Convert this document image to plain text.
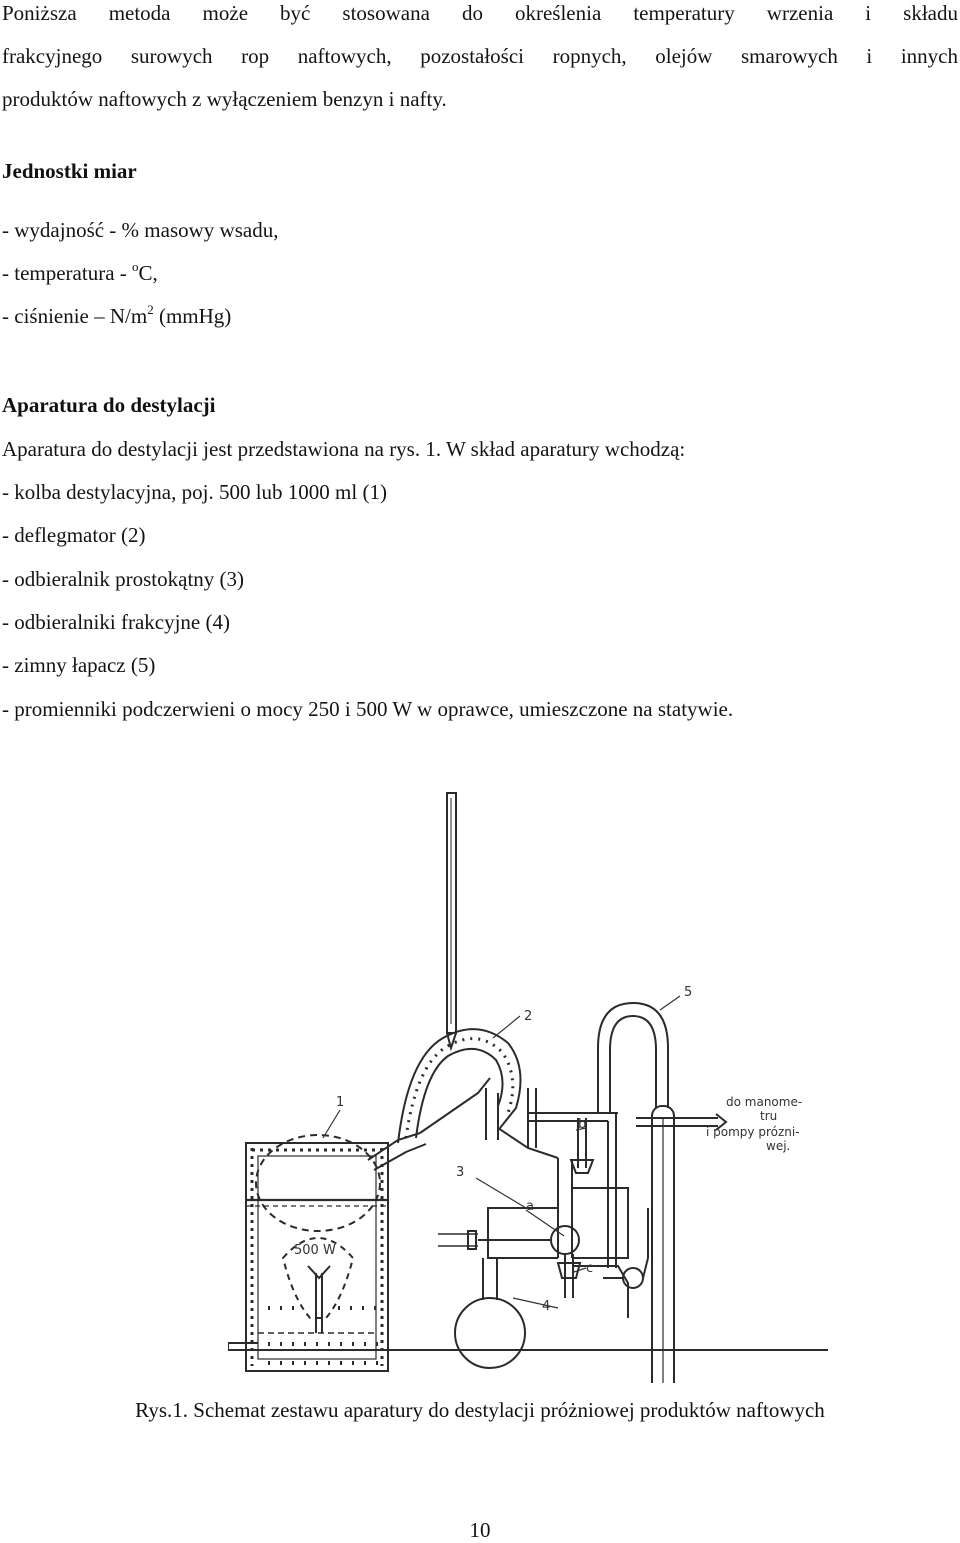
Poniższa metoda może być stosowana do określenia temperatury wrzenia i składu
frakcyjnego surowych rop naftowych, pozostałości ropnych, olejów smarowych i innych
produktów naftowych z wyłączeniem benzyn i nafty.
Jednostki miar
- wydajność - % masowy wsadu,
- temperatura - $^o$C,
- ciśnienie – $N/m^2$ (mmHg)
Aparatura do destylacji
Aparatura do destylacji jest przedstawiona na rys. 1. W skład aparatury wchodzą:
- kolba destylacyjna, poj. 500 lub 1000 ml (1)
- deflegmator (2)
- odbieralnik prostokątny (3)
- odbieralniki frakcyjne (4)
- zimny łapacz (5)
- promienniki podczerwieni o mocy 250 i 500 W w oprawce, umieszczone na statywie.
1
2
3
4
5
a
b
c
500 W
do manome-
tru
i pompy prózni-
wej.
Rys.1. Schemat zestawu aparatury do destylacji próżniowej produktów naftowych
10
